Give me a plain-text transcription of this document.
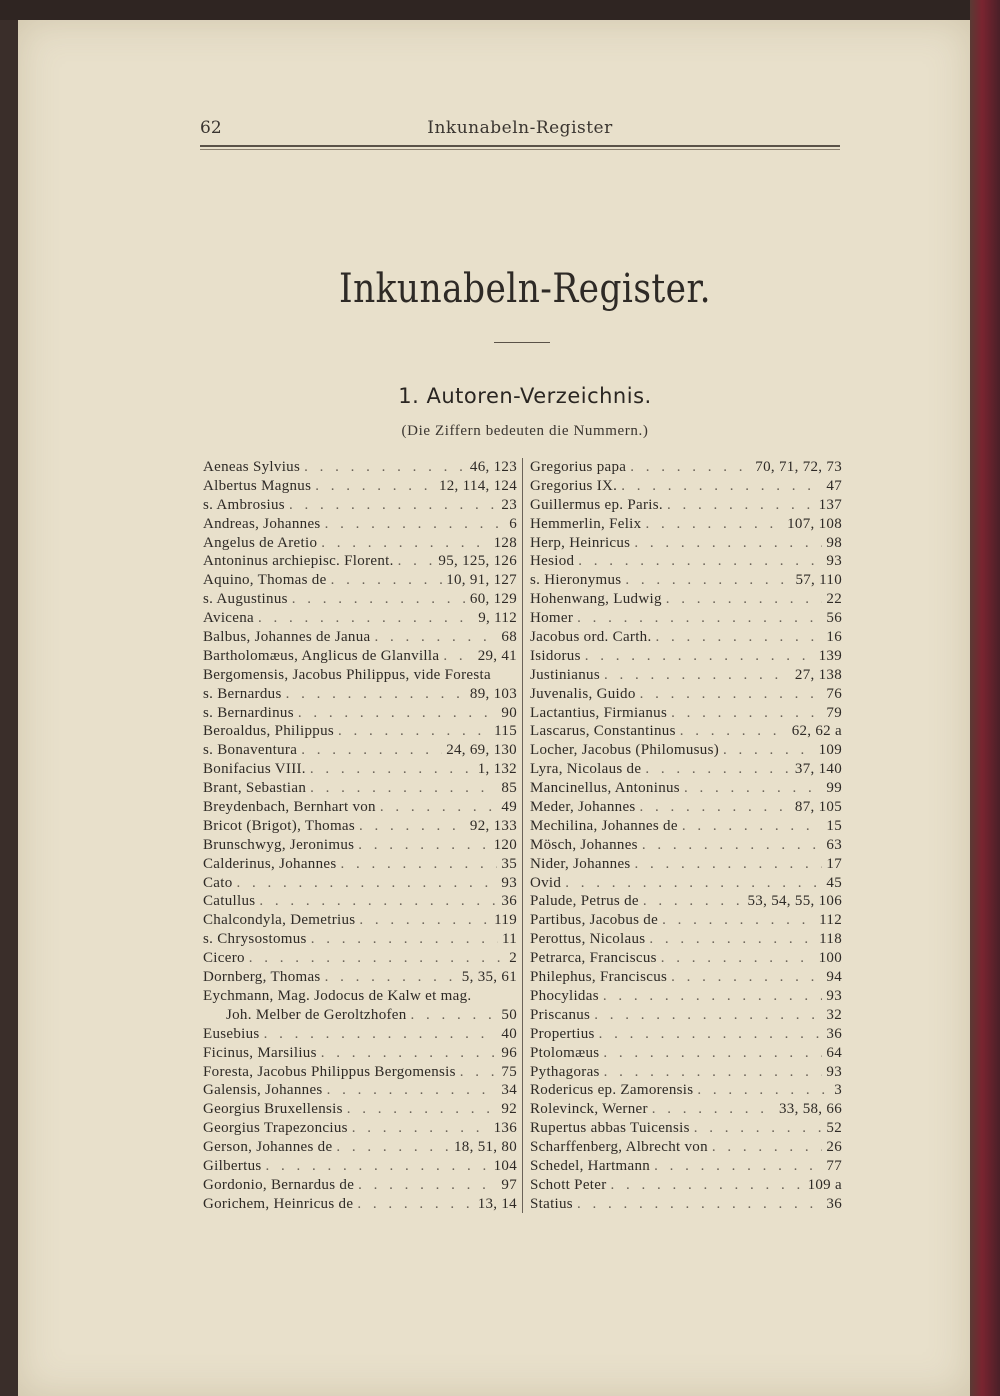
62	Inkunabeln-Register
Inkunabeln-Register.
1. Autoren-Verzeichnis.
(Die Ziffern bedeuten die Nummern.)
Aeneas Sylvius . . .	46, 123
Albertus Magnus . . .	12, 114, 124
s. Ambrosius . . .	23
Andreas, Johannes . . .	6
Angelus de Aretio . . .	128
Antoninus archiepisc. Florent. . . .	95, 125, 126
Aquino, Thomas de . . .	10, 91, 127
s. Augustinus . . .	60, 129
Avicena . . .	9, 112
Balbus, Johannes de Janua . . .	68
Bartholomæus, Anglicus de Glanvilla . . .	29, 41
Bergomensis, Jacobus Philippus, vide Foresta
s. Bernardus . . .	89, 103
s. Bernardinus . . .	90
Beroaldus, Philippus . . .	115
s. Bonaventura . . .	24, 69, 130
Bonifacius VIII. . . .	1, 132
Brant, Sebastian . . .	85
Breydenbach, Bernhart von . . .	49
Bricot (Brigot), Thomas . . .	92, 133
Brunschwyg, Jeronimus . . .	120
Calderinus, Johannes . . .	35
Cato . . .	93
Catullus . . .	36
Chalcondyla, Demetrius . . .	119
s. Chrysostomus . . .	11
Cicero . . .	2
Dornberg, Thomas . . .	5, 35, 61
Eychmann, Mag. Jodocus de Kalw et mag.
Joh. Melber de Geroltzhofen . . .	50
Eusebius . . .	40
Ficinus, Marsilius . . .	96
Foresta, Jacobus Philippus Bergomensis . . .	75
Galensis, Johannes . . .	34
Georgius Bruxellensis . . .	92
Georgius Trapezoncius . . .	136
Gerson, Johannes de . . .	18, 51, 80
Gilbertus . . .	104
Gordonio, Bernardus de . . .	97
Gorichem, Heinricus de . . .	13, 14
Gregorius papa . . .	70, 71, 72, 73
Gregorius IX. . . .	47
Guillermus ep. Paris. . . .	137
Hemmerlin, Felix . . .	107, 108
Herp, Heinricus . . .	98
Hesiod . . .	93
s. Hieronymus . . .	57, 110
Hohenwang, Ludwig . . .	22
Homer . . .	56
Jacobus ord. Carth. . . .	16
Isidorus . . .	139
Justinianus . . .	27, 138
Juvenalis, Guido . . .	76
Lactantius, Firmianus . . .	79
Lascarus, Constantinus . . .	62, 62 a
Locher, Jacobus (Philomusus) . . .	109
Lyra, Nicolaus de . . .	37, 140
Mancinellus, Antoninus . . .	99
Meder, Johannes . . .	87, 105
Mechilina, Johannes de . . .	15
Mösch, Johannes . . .	63
Nider, Johannes . . .	17
Ovid . . .	45
Palude, Petrus de . . .	53, 54, 55, 106
Partibus, Jacobus de . . .	112
Perottus, Nicolaus . . .	118
Petrarca, Franciscus . . .	100
Philephus, Franciscus . . .	94
Phocylidas . . .	93
Priscanus . . .	32
Propertius . . .	36
Ptolomæus . . .	64
Pythagoras . . .	93
Rodericus ep. Zamorensis . . .	3
Rolevinck, Werner . . .	33, 58, 66
Rupertus abbas Tuicensis . . .	52
Scharffenberg, Albrecht von . . .	26
Schedel, Hartmann . . .	77
Schott Peter . . .	109 a
Statius . . .	36
